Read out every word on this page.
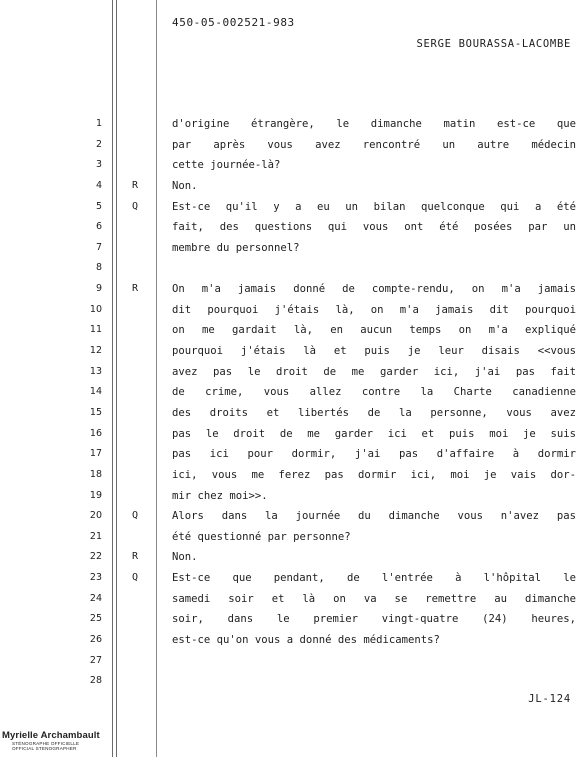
450-05-002521-983
SERGE BOURASSA-LACOMBE
1
2
3
4
5
6
7
8
9
10
11
12
13
14
15
16
17
18
19
20
21
22
23
24
25
26
27
28
R
Q
R
Q
R
Q
d'origine étrangère, le dimanche matin est-ce que
par après vous avez rencontré un autre médecin
cette journée-là?
Non.
Est-ce qu'il y a eu un bilan quelconque qui a été
fait, des questions qui vous ont été posées par un
membre du personnel?
On m'a jamais donné de compte-rendu, on m'a jamais
dit pourquoi j'étais là, on m'a jamais dit pourquoi
on me gardait là, en aucun temps on m'a expliqué
pourquoi j'étais là et puis je leur disais <<vous
avez pas le droit de me garder ici, j'ai pas fait
de crime, vous allez contre la Charte canadienne
des droits et libertés de la personne, vous avez
pas le droit de me garder ici et puis moi je suis
pas ici pour dormir, j'ai pas d'affaire à dormir
ici, vous me ferez pas dormir ici, moi je vais dor-
mir chez moi>>.
Alors dans la journée du dimanche vous n'avez pas
été questionné par personne?
Non.
Est-ce que pendant, de l'entrée à l'hôpital le
samedi soir et là on va se remettre au dimanche
soir, dans le premier vingt-quatre (24) heures,
est-ce qu'on vous a donné des médicaments?
JL-124
Myrielle Archambault
STÉNOGRAPHE OFFICIELLE
OFFICIAL STENOGRAPHER
